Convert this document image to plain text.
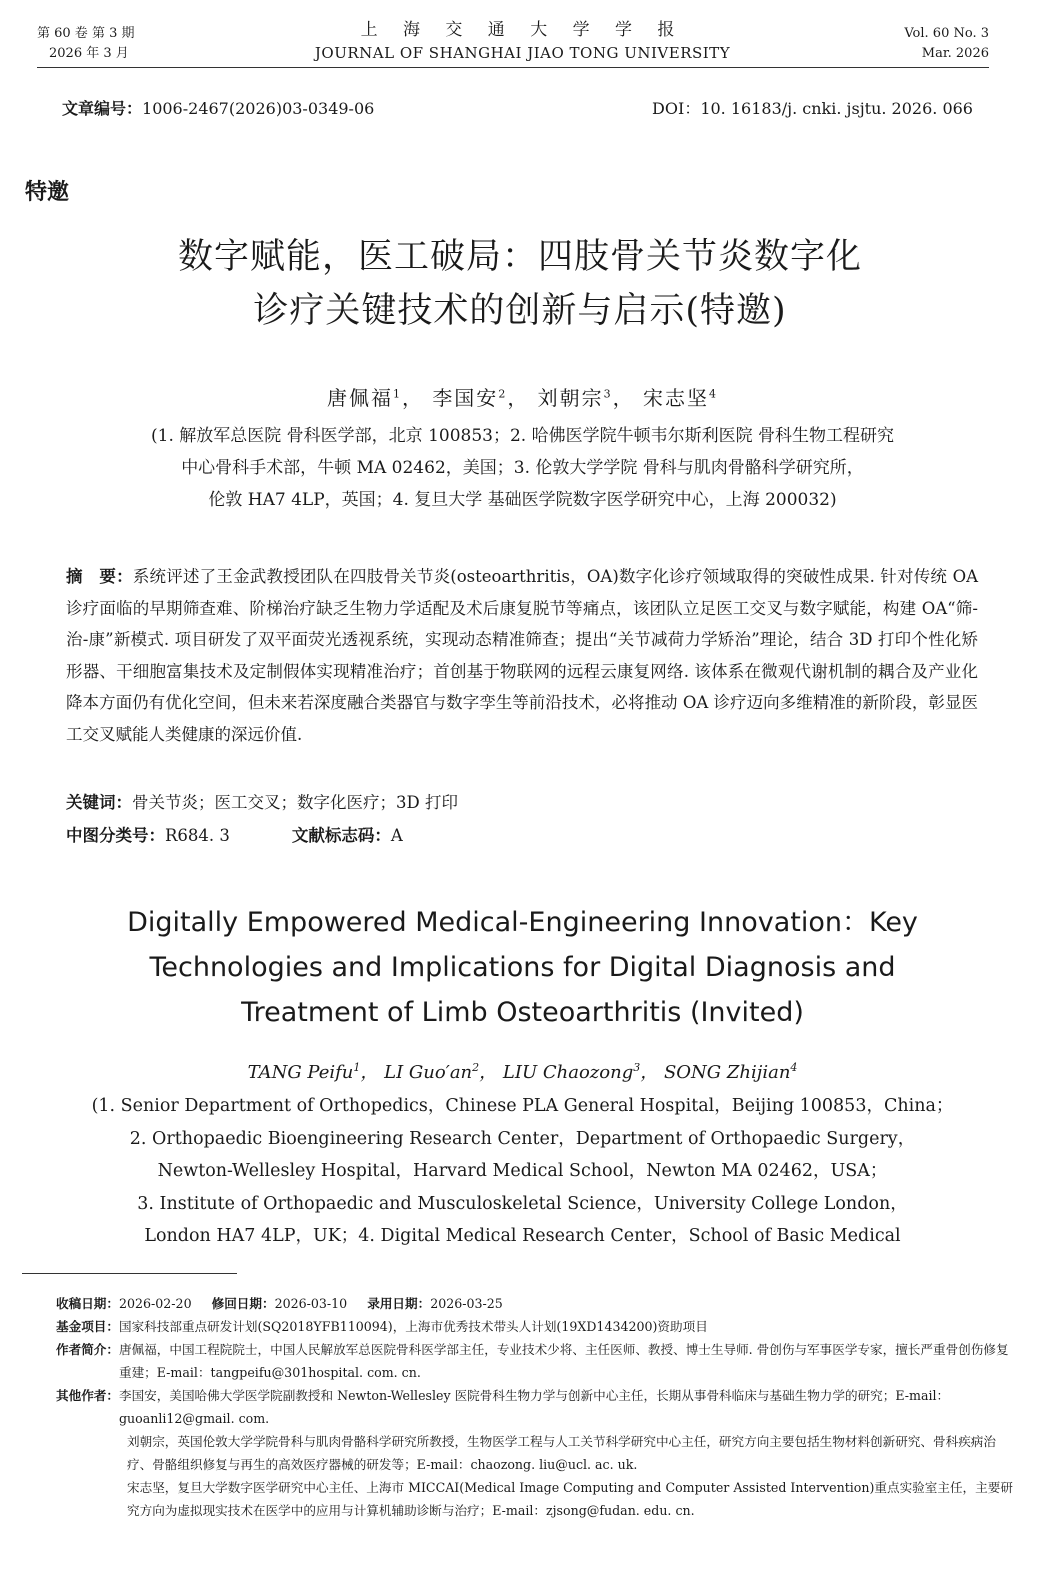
第 60 卷 第 3 期
2026 年 3 月
上 海 交 通 大 学 学 报
JOURNAL OF SHANGHAI JIAO TONG UNIVERSITY
Vol. 60 No. 3
Mar. 2026
文章编号：1006-2467(2026)03-0349-06	DOI：10. 16183/j. cnki. jsjtu. 2026. 066
特邀
数字赋能，医工破局：四肢骨关节炎数字化
诊疗关键技术的创新与启示(特邀)
唐佩福$^1$， 李国安$^2$， 刘朝宗$^3$， 宋志坚$^4$
(1. 解放军总医院 骨科医学部，北京 100853；2. 哈佛医学院牛顿韦尔斯利医院 骨科生物工程研究
中心骨科手术部，牛顿 MA 02462，美国；3. 伦敦大学学院 骨科与肌肉骨骼科学研究所，
伦敦 HA7 4LP，英国；4. 复旦大学 基础医学院数字医学研究中心，上海 200032)
摘　要：系统评述了王金武教授团队在四肢骨关节炎(osteoarthritis，OA)数字化诊疗领域取得的突破性成果. 针对传统 OA 诊疗面临的早期筛查难、阶梯治疗缺乏生物力学适配及术后康复脱节等痛点，该团队立足医工交叉与数字赋能，构建 OA“筛-治-康”新模式. 项目研发了双平面荧光透视系统，实现动态精准筛查；提出“关节减荷力学矫治”理论，结合 3D 打印个性化矫形器、干细胞富集技术及定制假体实现精准治疗；首创基于物联网的远程云康复网络. 该体系在微观代谢机制的耦合及产业化降本方面仍有优化空间，但未来若深度融合类器官与数字孪生等前沿技术，必将推动 OA 诊疗迈向多维精准的新阶段，彰显医工交叉赋能人类健康的深远价值.
关键词：骨关节炎；医工交叉；数字化医疗；3D 打印
中图分类号：R684. 3	文献标志码：A
Digitally Empowered Medical-Engineering Innovation：Key
Technologies and Implications for Digital Diagnosis and
Treatment of Limb Osteoarthritis (Invited)
TANG Peifu$^1$， LI $Guo'an^2$， LIU Chaozong$^3$， SONG Zhijian$^4$
(1. Senior Department of Orthopedics，Chinese PLA General Hospital，Beijing 100853，China；
2. Orthopaedic Bioengineering Research Center，Department of Orthopaedic Surgery，
Newton-Wellesley Hospital，Harvard Medical School，Newton MA 02462，USA；
3. Institute of Orthopaedic and Musculoskeletal Science，University College London，
London HA7 4LP，UK；4. Digital Medical Research Center，School of Basic Medical
收稿日期：2026-02-20 修回日期：2026-03-10 录用日期：2026-03-25
基金项目： 国家科技部重点研发计划(SQ2018YFB110094)，上海市优秀技术带头人计划(19XD1434200)资助项目
作者简介： 唐佩福，中国工程院院士，中国人民解放军总医院骨科医学部主任，专业技术少将、主任医师、教授、博士生导师. 骨创伤与军事医学专家，擅长严重骨创伤修复重建；E-mail：tangpeifu@301hospital. com. cn.
其他作者： 李国安，美国哈佛大学医学院副教授和 Newton-Wellesley 医院骨科生物力学与创新中心主任，长期从事骨科临床与基础生物力学的研究；E-mail：guoanli12@gmail. com.
刘朝宗，英国伦敦大学学院骨科与肌肉骨骼科学研究所教授，生物医学工程与人工关节科学研究中心主任，研究方向主要包括生物材料创新研究、骨科疾病治疗、骨骼组织修复与再生的高效医疗器械的研发等；E-mail：chaozong. liu@ucl. ac. uk.
宋志坚，复旦大学数字医学研究中心主任、上海市 MICCAI(Medical Image Computing and Computer Assisted Intervention)重点实验室主任，主要研究方向为虚拟现实技术在医学中的应用与计算机辅助诊断与治疗；E-mail：zjsong@fudan. edu. cn.
